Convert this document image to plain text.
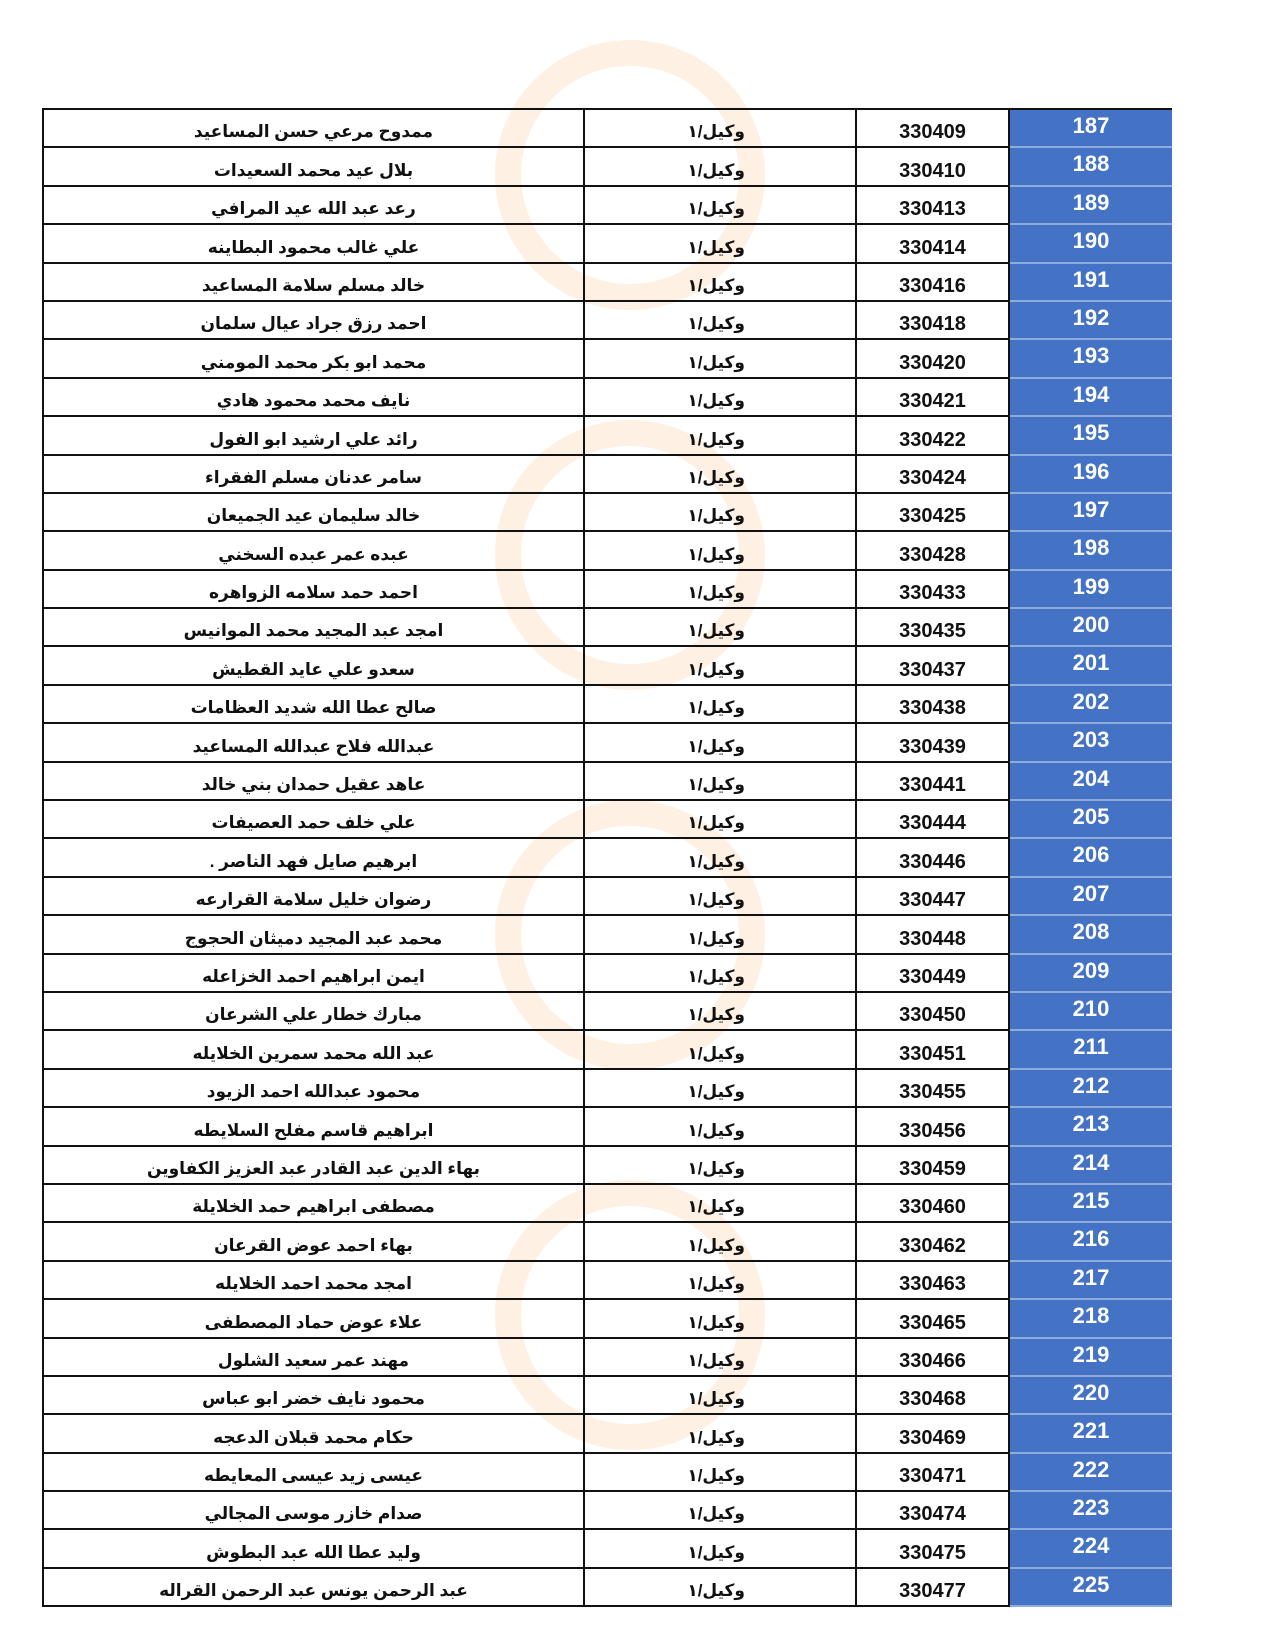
ممدوح مرعي حسن المساعيد	وكيل/١	330409	187
بلال عيد محمد السعيدات	وكيل/١	330410	188
رعد عبد الله عيد المرافي	وكيل/١	330413	189
علي غالب محمود البطاينه	وكيل/١	330414	190
خالد مسلم سلامة المساعيد	وكيل/١	330416	191
احمد رزق جراد عيال سلمان	وكيل/١	330418	192
محمد ابو بكر محمد المومني	وكيل/١	330420	193
نايف محمد محمود هادي	وكيل/١	330421	194
رائد علي ارشيد ابو الفول	وكيل/١	330422	195
سامر عدنان مسلم الفقراء	وكيل/١	330424	196
خالد سليمان عيد الجميعان	وكيل/١	330425	197
عبده عمر عبده السخني	وكيل/١	330428	198
احمد حمد سلامه الزواهره	وكيل/١	330433	199
امجد عبد المجيد محمد الموانيس	وكيل/١	330435	200
سعدو علي عايد القطيش	وكيل/١	330437	201
صالح عطا الله شديد العظامات	وكيل/١	330438	202
عبدالله فلاح عبدالله المساعيد	وكيل/١	330439	203
عاهد عقيل حمدان بني خالد	وكيل/١	330441	204
علي خلف حمد العصيفات	وكيل/١	330444	205
ابرهيم صايل فهد الناصر .	وكيل/١	330446	206
رضوان خليل سلامة القرارعه	وكيل/١	330447	207
محمد عبد المجيد دميثان الحجوج	وكيل/١	330448	208
ايمن ابراهيم احمد الخزاعله	وكيل/١	330449	209
مبارك خطار علي الشرعان	وكيل/١	330450	210
عبد الله محمد سمرين الخلايله	وكيل/١	330451	211
محمود عبدالله احمد الزيود	وكيل/١	330455	212
ابراهيم قاسم مفلح السلايطه	وكيل/١	330456	213
بهاء الدين عبد القادر عبد العزيز الكفاوين	وكيل/١	330459	214
مصطفى ابراهيم حمد الخلايلة	وكيل/١	330460	215
بهاء احمد عوض القرعان	وكيل/١	330462	216
امجد محمد احمد الخلايله	وكيل/١	330463	217
علاء عوض حماد المصطفى	وكيل/١	330465	218
مهند عمر سعيد الشلول	وكيل/١	330466	219
محمود نايف خضر ابو عباس	وكيل/١	330468	220
حكام محمد قبلان الدعجه	وكيل/١	330469	221
عيسى زيد عيسى المعايطه	وكيل/١	330471	222
صدام خازر موسى المجالي	وكيل/١	330474	223
وليد عطا الله عبد البطوش	وكيل/١	330475	224
عبد الرحمن يونس عبد الرحمن القراله	وكيل/١	330477	225
